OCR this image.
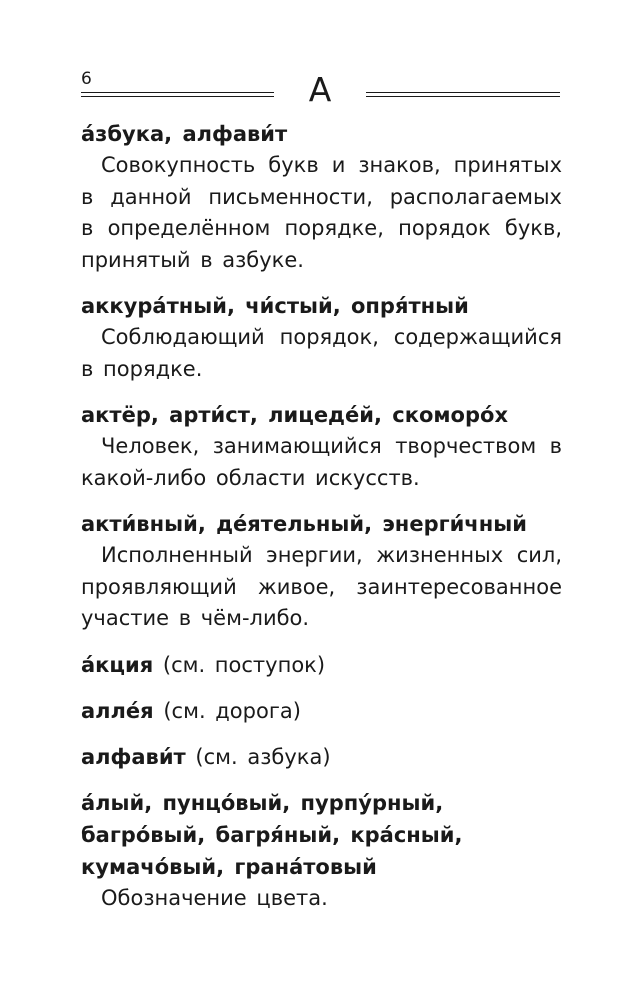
6	А

а́збука, алфави́т

Совокупность букв и знаков, принятых в данной письменности, располагаемых в определённом порядке, порядок букв, принятый в азбуке.

аккура́тный, чи́стый, опря́тный

Соблюдающий порядок, содержащийся в порядке.

актёр, арти́ст, лицеде́й, скоморо́х

Человек, занимающийся творчеством в какой-либо области искусств.

акти́вный, де́ятельный, энерги́чный

Исполненный энергии, жизненных сил, проявляющий живое, заинтересованное участие в чём-либо.

а́кция (см. поступок)

алле́я (см. дорога)

алфави́т (см. азбука)

а́лый, пунцо́вый, пурпу́рный,

багро́вый, багря́ный, кра́сный,

кумачо́вый, грана́товый

Обозначение цвета.
